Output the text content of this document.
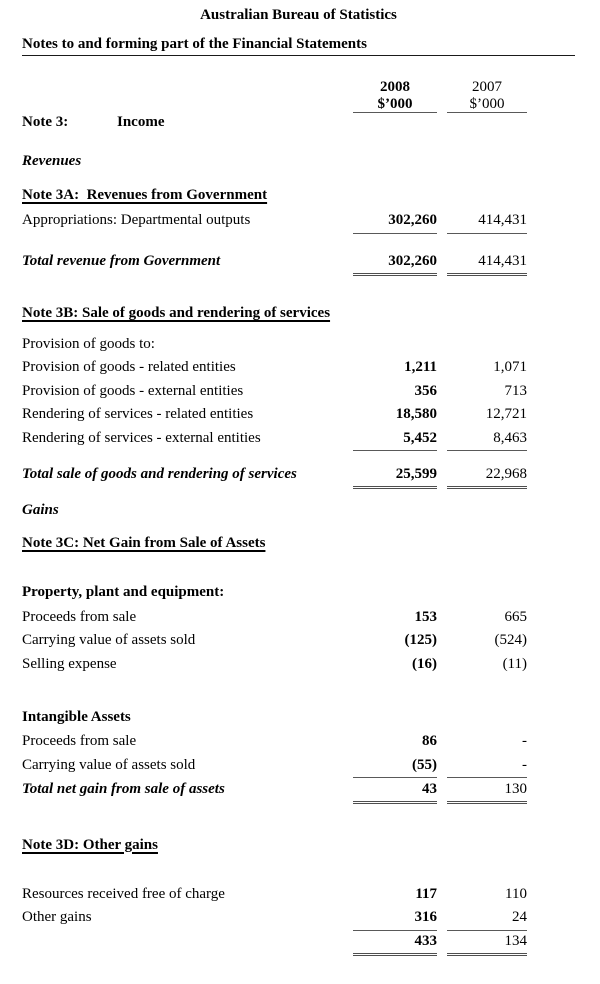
Australian Bureau of Statistics
Notes to and forming part of the Financial Statements
2008
$’000
2007
$’000
Note 3:	Income
Revenues
Note 3A:  Revenues from Government
Appropriations: Departmental outputs	302,260	414,431
Total revenue from Government	302,260	414,431
Note 3B: Sale of goods and rendering of services
Provision of goods to:
Provision of goods - related entities	1,211	1,071
Provision of goods - external entities	356	713
Rendering of services - related entities	18,580	12,721
Rendering of services - external entities	5,452	8,463
Total sale of goods and rendering of services	25,599	22,968
Gains
Note 3C: Net Gain from Sale of Assets
Property, plant and equipment:
Proceeds from sale	153	665
Carrying value of assets sold	(125)	(524)
Selling expense	(16)	(11)
Intangible Assets
Proceeds from sale	86	-
Carrying value of assets sold	(55)	-
Total net gain from sale of assets	43	130
Note 3D: Other gains
Resources received free of charge	117	110
Other gains	316	24
433	134
